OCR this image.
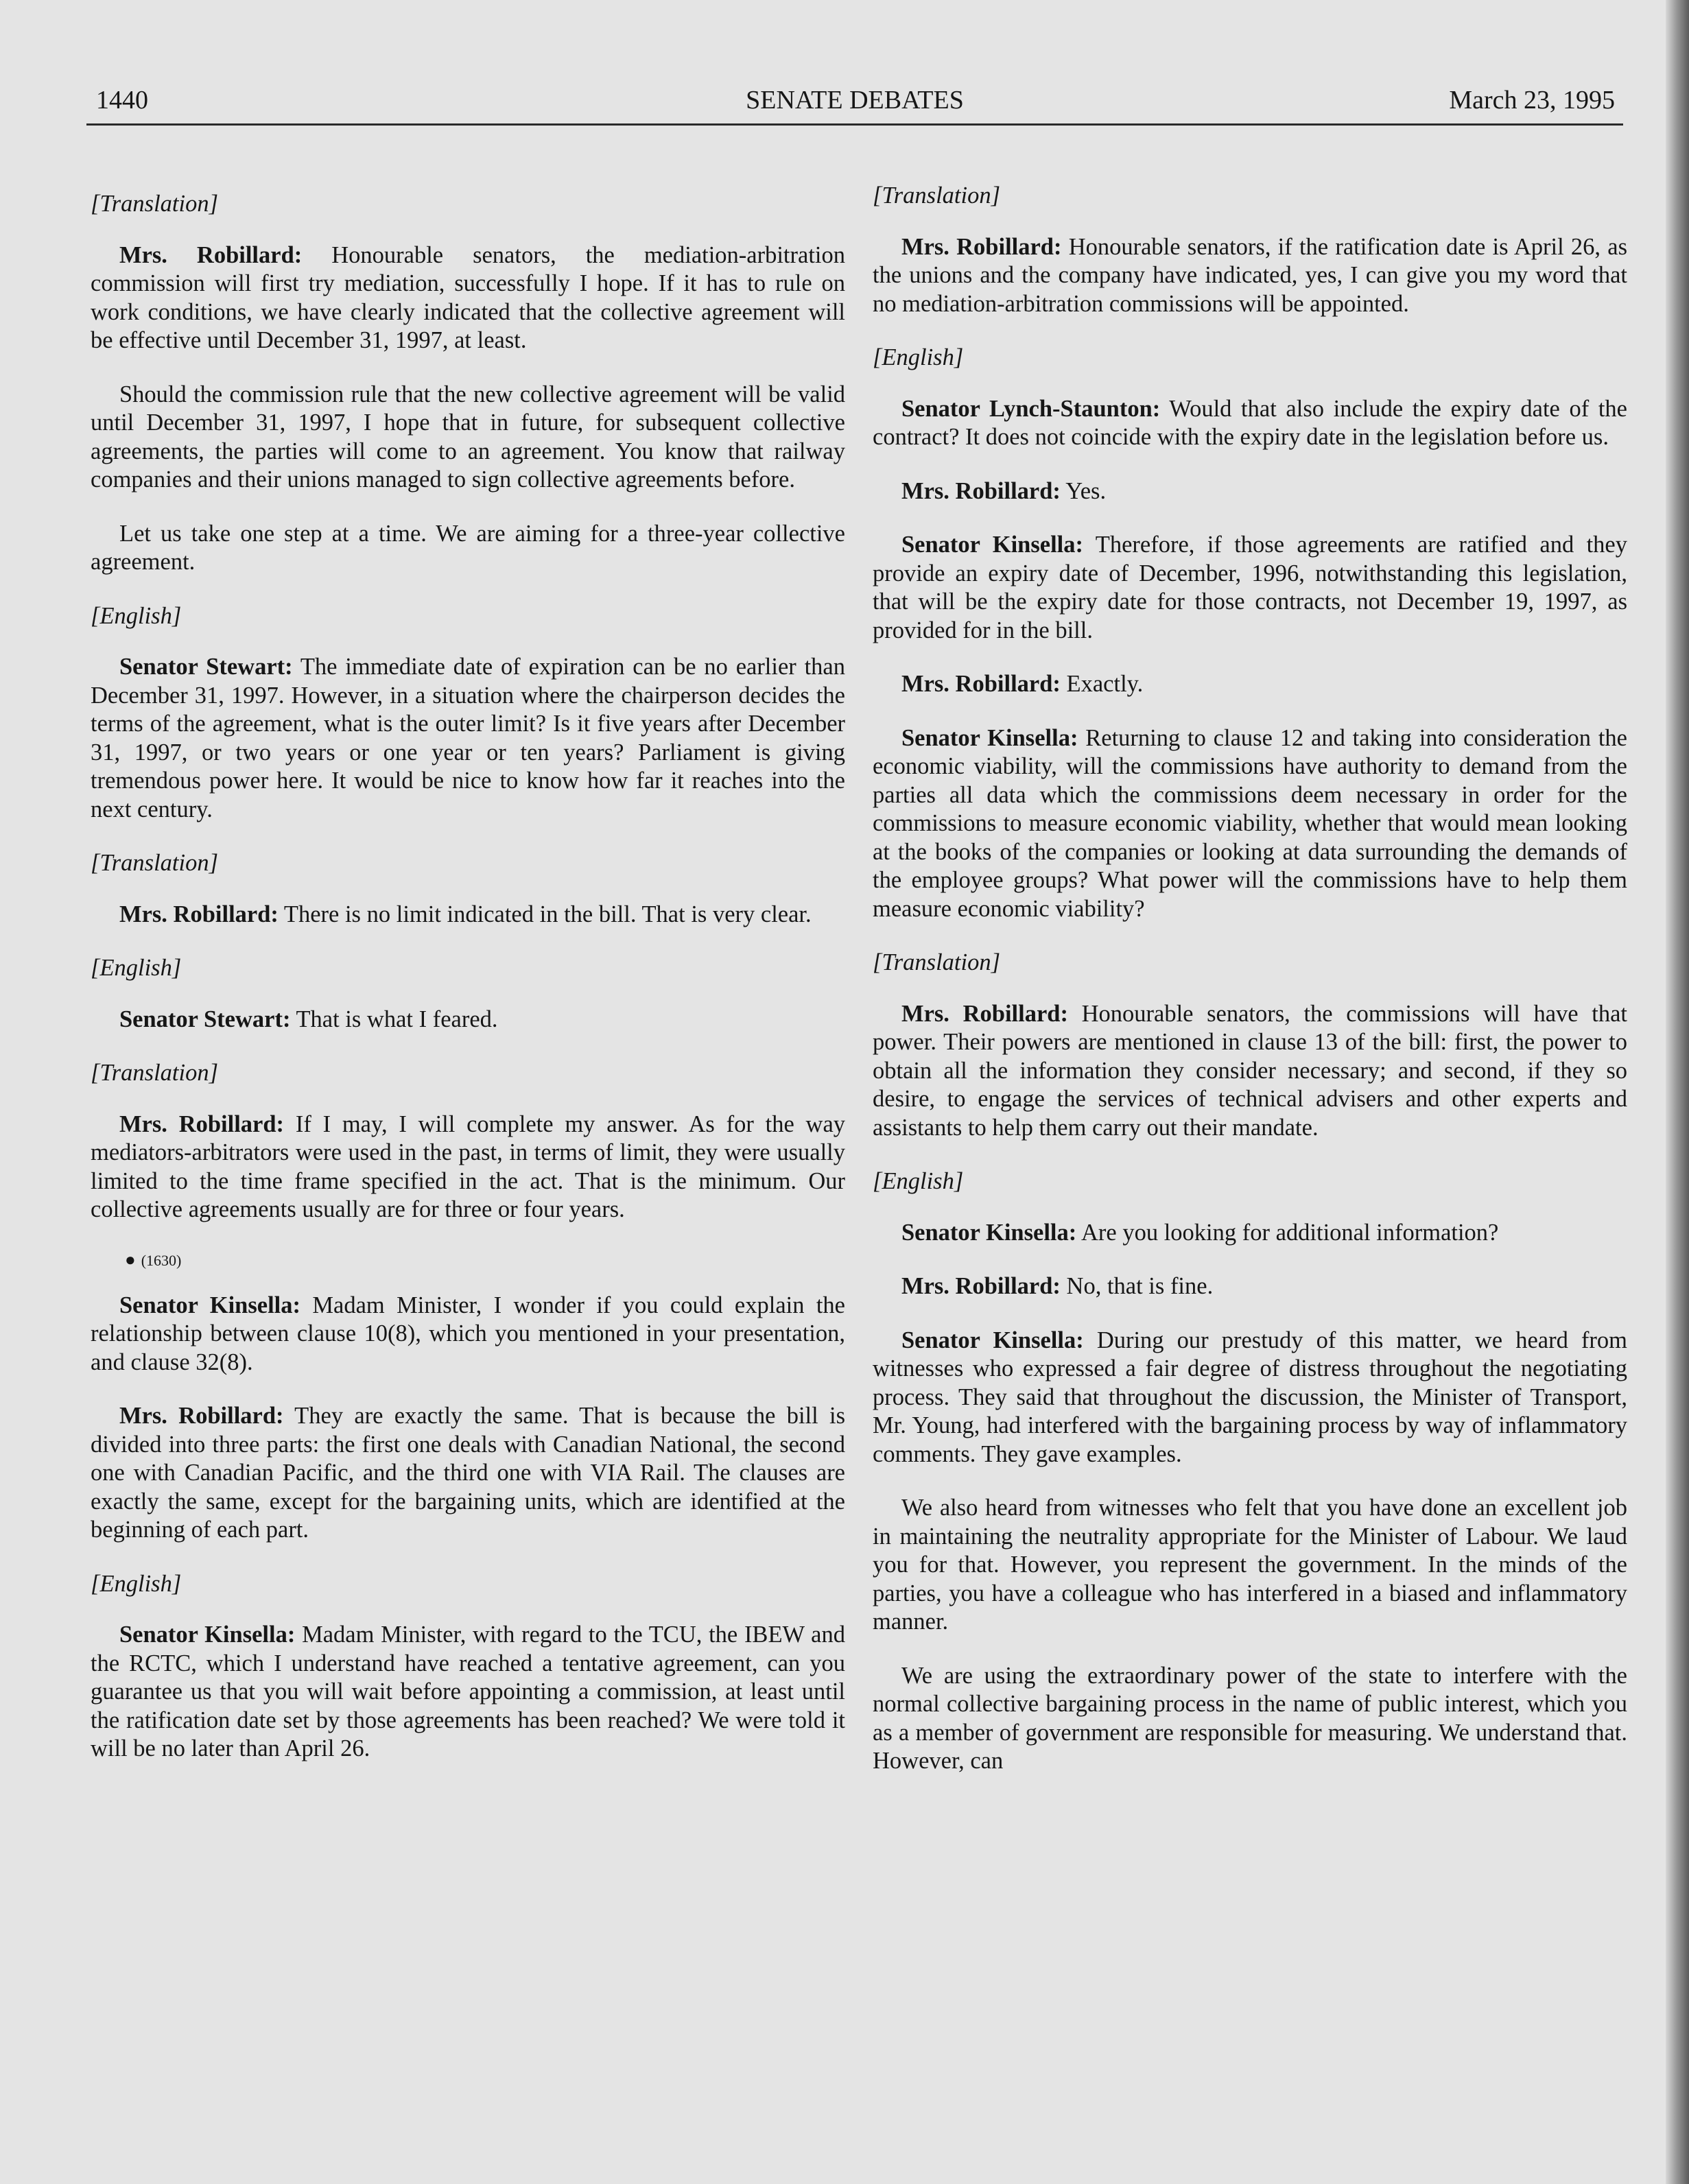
1440	SENATE DEBATES	March 23, 1995

[Translation]

Mrs. Robillard: Honourable senators, the mediation-arbitration commission will first try mediation, successfully I hope. If it has to rule on work conditions, we have clearly indicated that the collective agreement will be effective until December 31, 1997, at least.

Should the commission rule that the new collective agreement will be valid until December 31, 1997, I hope that in future, for subsequent collective agreements, the parties will come to an agreement. You know that railway companies and their unions managed to sign collective agreements before.

Let us take one step at a time. We are aiming for a three-year collective agreement.

[English]

Senator Stewart: The immediate date of expiration can be no earlier than December 31, 1997. However, in a situation where the chairperson decides the terms of the agreement, what is the outer limit? Is it five years after December 31, 1997, or two years or one year or ten years? Parliament is giving tremendous power here. It would be nice to know how far it reaches into the next century.

[Translation]

Mrs. Robillard: There is no limit indicated in the bill. That is very clear.

[English]

Senator Stewart: That is what I feared.

[Translation]

Mrs. Robillard: If I may, I will complete my answer. As for the way mediators-arbitrators were used in the past, in terms of limit, they were usually limited to the time frame specified in the act. That is the minimum. Our collective agreements usually are for three or four years.

● (1630)

Senator Kinsella: Madam Minister, I wonder if you could explain the relationship between clause 10(8), which you mentioned in your presentation, and clause 32(8).

Mrs. Robillard: They are exactly the same. That is because the bill is divided into three parts: the first one deals with Canadian National, the second one with Canadian Pacific, and the third one with VIA Rail. The clauses are exactly the same, except for the bargaining units, which are identified at the beginning of each part.

[English]

Senator Kinsella: Madam Minister, with regard to the TCU, the IBEW and the RCTC, which I understand have reached a tentative agreement, can you guarantee us that you will wait before appointing a commission, at least until the ratification date set by those agreements has been reached? We were told it will be no later than April 26.

[Translation]

Mrs. Robillard: Honourable senators, if the ratification date is April 26, as the unions and the company have indicated, yes, I can give you my word that no mediation-arbitration commissions will be appointed.

[English]

Senator Lynch-Staunton: Would that also include the expiry date of the contract? It does not coincide with the expiry date in the legislation before us.

Mrs. Robillard: Yes.

Senator Kinsella: Therefore, if those agreements are ratified and they provide an expiry date of December, 1996, notwithstanding this legislation, that will be the expiry date for those contracts, not December 19, 1997, as provided for in the bill.

Mrs. Robillard: Exactly.

Senator Kinsella: Returning to clause 12 and taking into consideration the economic viability, will the commissions have authority to demand from the parties all data which the commissions deem necessary in order for the commissions to measure economic viability, whether that would mean looking at the books of the companies or looking at data surrounding the demands of the employee groups? What power will the commissions have to help them measure economic viability?

[Translation]

Mrs. Robillard: Honourable senators, the commissions will have that power. Their powers are mentioned in clause 13 of the bill: first, the power to obtain all the information they consider necessary; and second, if they so desire, to engage the services of technical advisers and other experts and assistants to help them carry out their mandate.

[English]

Senator Kinsella: Are you looking for additional information?

Mrs. Robillard: No, that is fine.

Senator Kinsella: During our prestudy of this matter, we heard from witnesses who expressed a fair degree of distress throughout the negotiating process. They said that throughout the discussion, the Minister of Transport, Mr. Young, had interfered with the bargaining process by way of inflammatory comments. They gave examples.

We also heard from witnesses who felt that you have done an excellent job in maintaining the neutrality appropriate for the Minister of Labour. We laud you for that. However, you represent the government. In the minds of the parties, you have a colleague who has interfered in a biased and inflammatory manner.

We are using the extraordinary power of the state to interfere with the normal collective bargaining process in the name of public interest, which you as a member of government are responsible for measuring. We understand that. However, can
